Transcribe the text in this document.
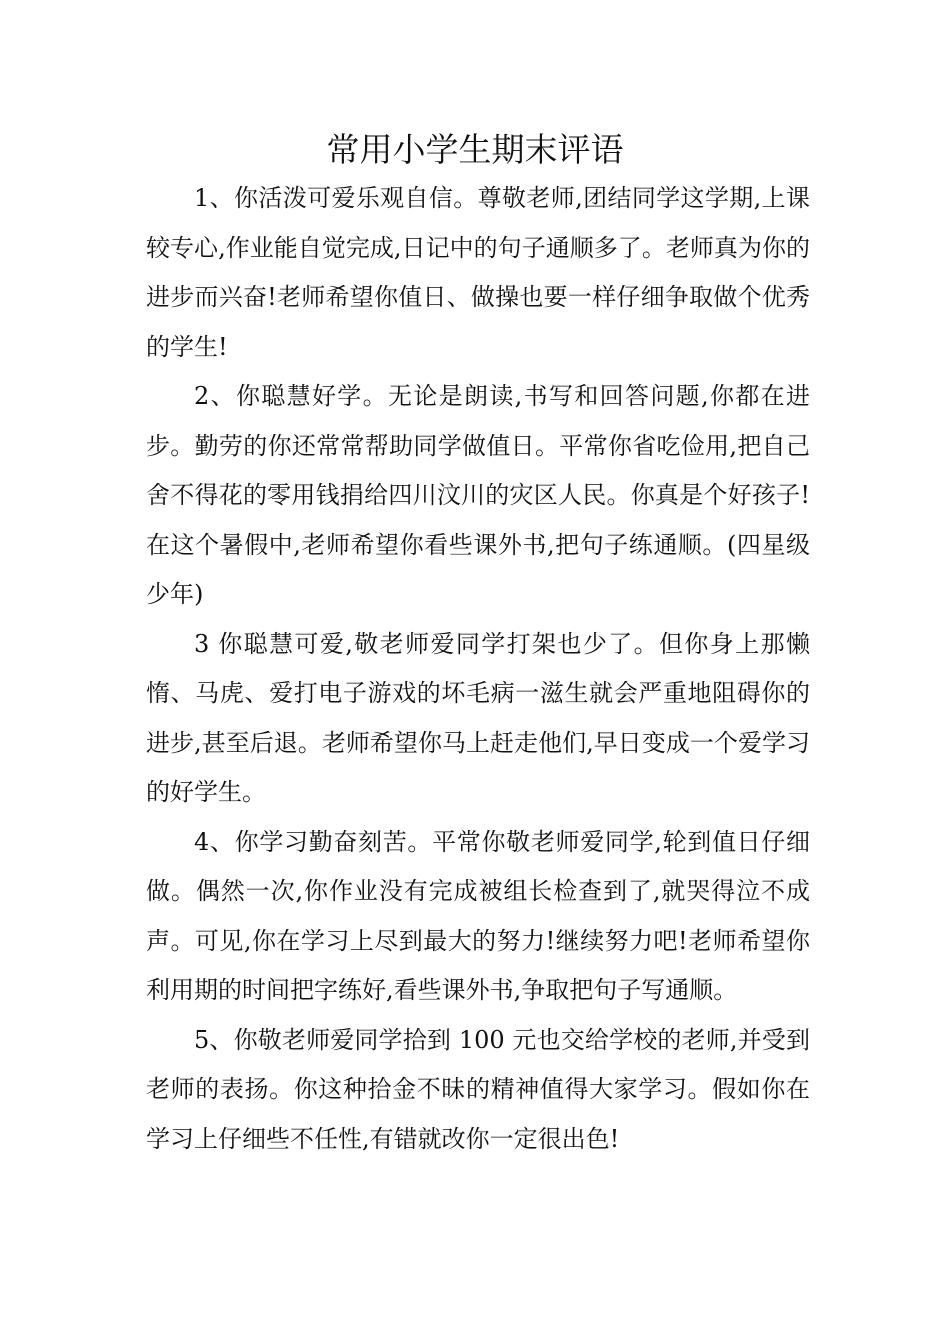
常用小学生期末评语

1、你活泼可爱乐观自信。尊敬老师,团结同学这学期,上课较专心,作业能自觉完成,日记中的句子通顺多了。老师真为你的进步而兴奋!老师希望你值日、做操也要一样仔细争取做个优秀的学生!

2、你聪慧好学。无论是朗读,书写和回答问题,你都在进步。勤劳的你还常常帮助同学做值日。平常你省吃俭用,把自己舍不得花的零用钱捐给四川汶川的灾区人民。你真是个好孩子!在这个暑假中,老师希望你看些课外书,把句子练通顺。(四星级少年)

3 你聪慧可爱,敬老师爱同学打架也少了。但你身上那懒惰、马虎、爱打电子游戏的坏毛病一滋生就会严重地阻碍你的进步,甚至后退。老师希望你马上赶走他们,早日变成一个爱学习的好学生。

4、你学习勤奋刻苦。平常你敬老师爱同学,轮到值日仔细做。偶然一次,你作业没有完成被组长检查到了,就哭得泣不成声。可见,你在学习上尽到最大的努力!继续努力吧!老师希望你利用期的时间把字练好,看些课外书,争取把句子写通顺。

5、你敬老师爱同学拾到 100 元也交给学校的老师,并受到老师的表扬。你这种拾金不昧的精神值得大家学习。假如你在学习上仔细些不任性,有错就改你一定很出色!
